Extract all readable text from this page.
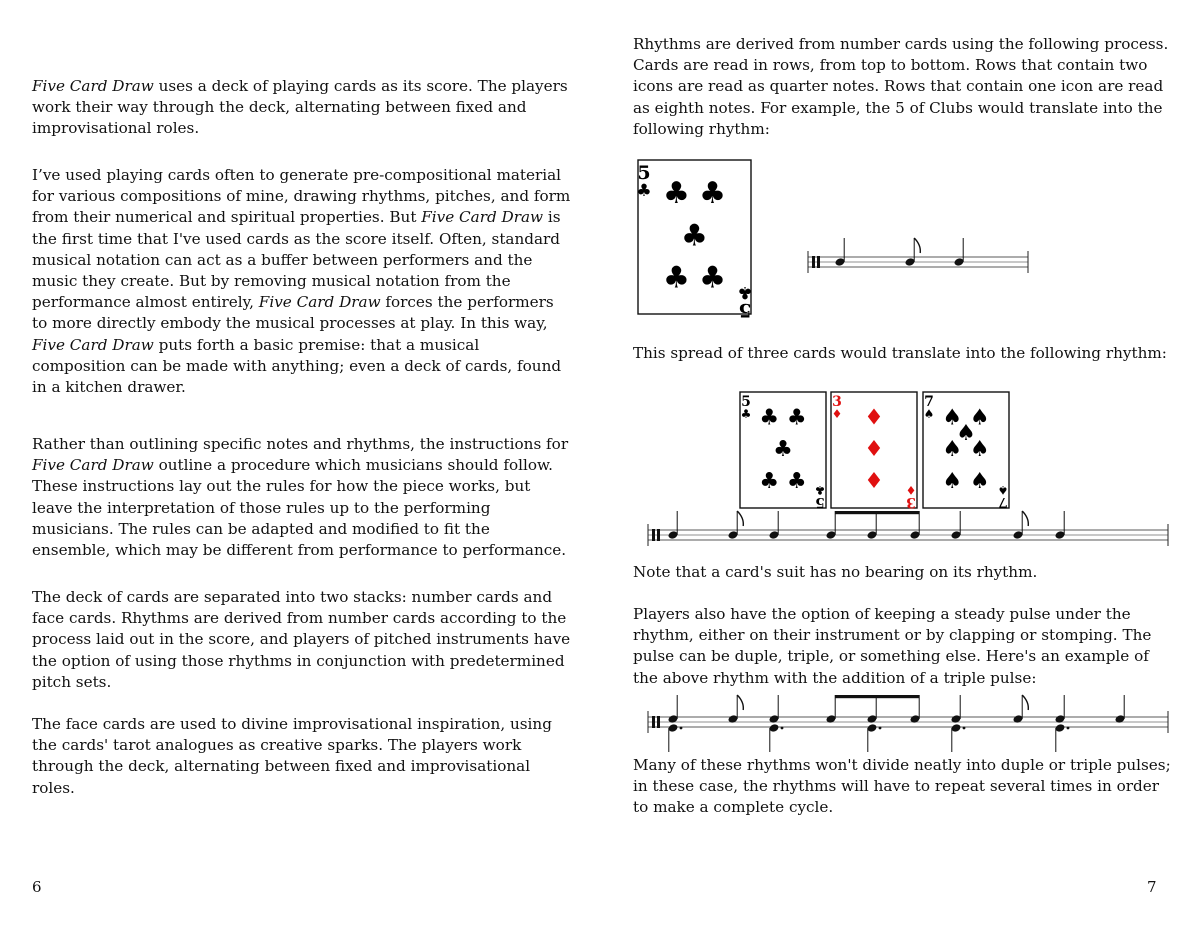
Five Card Draw uses a deck of playing cards as its score. The players work their way through the deck, alternating between fixed and improvisational roles.

I’ve used playing cards often to generate pre-compositional material for various compositions of mine, drawing rhythms, pitches, and form from their numerical and spiritual properties. But Five Card Draw is the first time that I've used cards as the score itself. Often, standard musical notation can act as a buffer between performers and the music they create. But by removing musical notation from the performance almost entirely, Five Card Draw forces the performers to more directly embody the musical processes at play. In this way, Five Card Draw puts forth a basic premise: that a musical composition can be made with anything; even a deck of cards, found in a kitchen drawer.

Rather than outlining specific notes and rhythms, the instructions for Five Card Draw outline a procedure which musicians should follow. These instructions lay out the rules for how the piece works, but leave the interpretation of those rules up to the performing musicians. The rules can be adapted and modified to fit the ensemble, which may be different from performance to performance.

The deck of cards are separated into two stacks: number cards and face cards. Rhythms are derived from number cards according to the process laid out in the score, and players of pitched instruments have the option of using those rhythms in conjunction with predetermined pitch sets.

The face cards are used to divine improvisational inspiration, using the cards' tarot analogues as creative sparks. The players work through the deck, alternating between fixed and improvisational roles.

6

Rhythms are derived from number cards using the following process. Cards are read in rows, from top to bottom. Rows that contain two icons are read as quarter notes. Rows that contain one icon are read as eighth notes. For example, the 5 of Clubs would translate into the following rhythm:

5
♣
5
♣
♣ ♣
♣
♣ ♣

This spread of three cards would translate into the following rhythm:

5
♣
5
♣
♣ ♣
♣
♣ ♣
3
♦
3
♦
♦
♦
♦
7
♠
7
♠
♠ ♠
♠
♠ ♠
♠ ♠

Note that a card's suit has no bearing on its rhythm.

Players also have the option of keeping a steady pulse under the rhythm, either on their instrument or by clapping or stomping. The pulse can be duple, triple, or something else. Here's an example of the above rhythm with the addition of a triple pulse:

Many of these rhythms won't divide neatly into duple or triple pulses; in these case, the rhythms will have to repeat several times in order to make a complete cycle.

7
